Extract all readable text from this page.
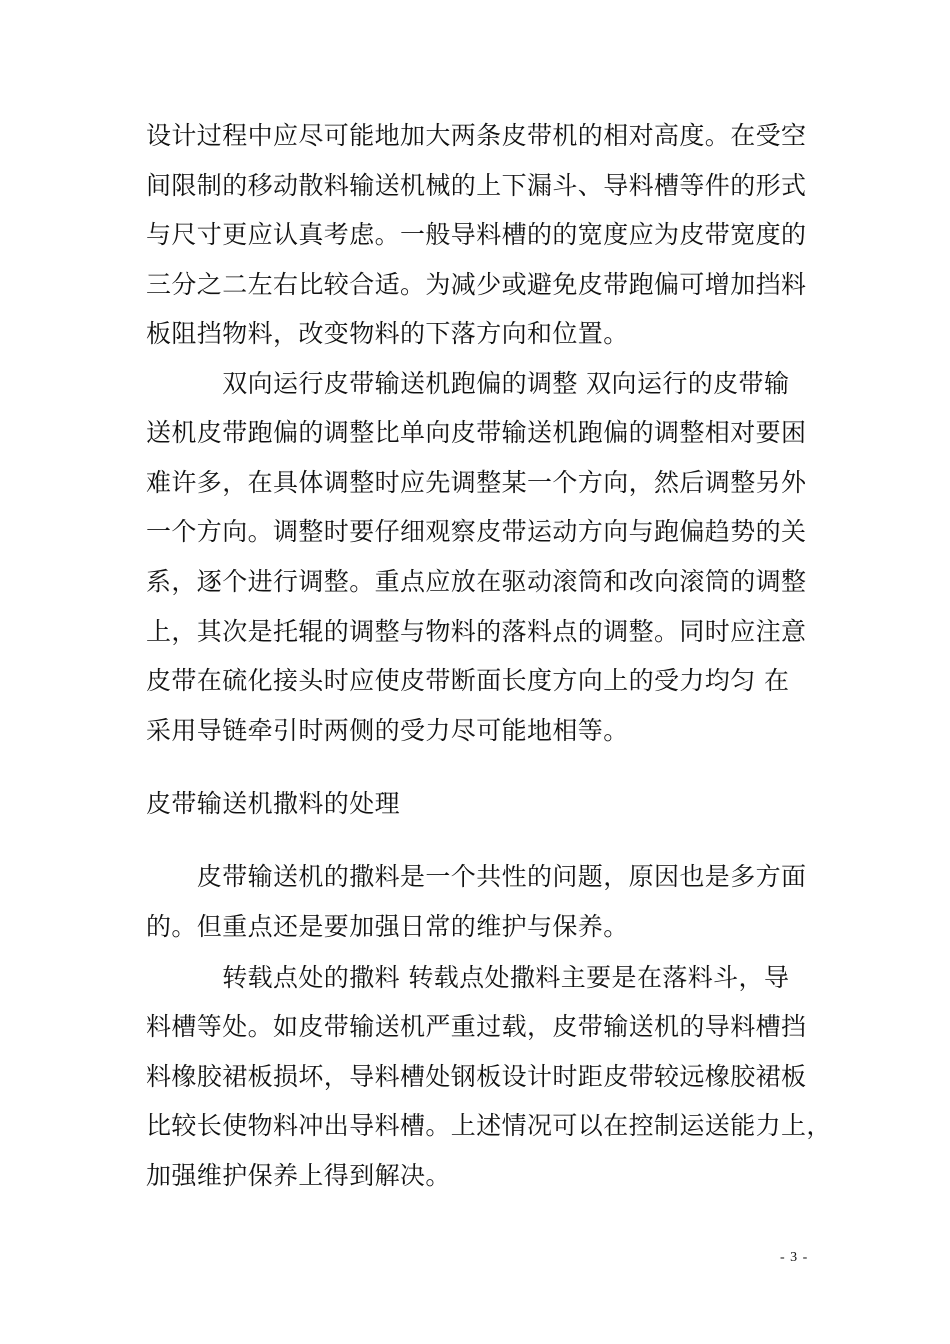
设计过程中应尽可能地加大两条皮带机的相对高度。在受空
间限制的移动散料输送机械的上下漏斗、导料槽等件的形式
与尺寸更应认真考虑。一般导料槽的的宽度应为皮带宽度的
三分之二左右比较合适。为减少或避免皮带跑偏可增加挡料
板阻挡物料，改变物料的下落方向和位置。
　　　双向运行皮带输送机跑偏的调整 双向运行的皮带输
送机皮带跑偏的调整比单向皮带输送机跑偏的调整相对要困
难许多，在具体调整时应先调整某一个方向，然后调整另外
一个方向。调整时要仔细观察皮带运动方向与跑偏趋势的关
系，逐个进行调整。重点应放在驱动滚筒和改向滚筒的调整
上，其次是托辊的调整与物料的落料点的调整。同时应注意
皮带在硫化接头时应使皮带断面长度方向上的受力均匀 在
采用导链牵引时两侧的受力尽可能地相等。
皮带输送机撒料的处理
　　皮带输送机的撒料是一个共性的问题，原因也是多方面
的。但重点还是要加强日常的维护与保养。
　　　转载点处的撒料 转载点处撒料主要是在落料斗，导
料槽等处。如皮带输送机严重过载，皮带输送机的导料槽挡
料橡胶裙板损坏，导料槽处钢板设计时距皮带较远橡胶裙板
比较长使物料冲出导料槽。上述情况可以在控制运送能力上，
加强维护保养上得到解决。
- 3 -
